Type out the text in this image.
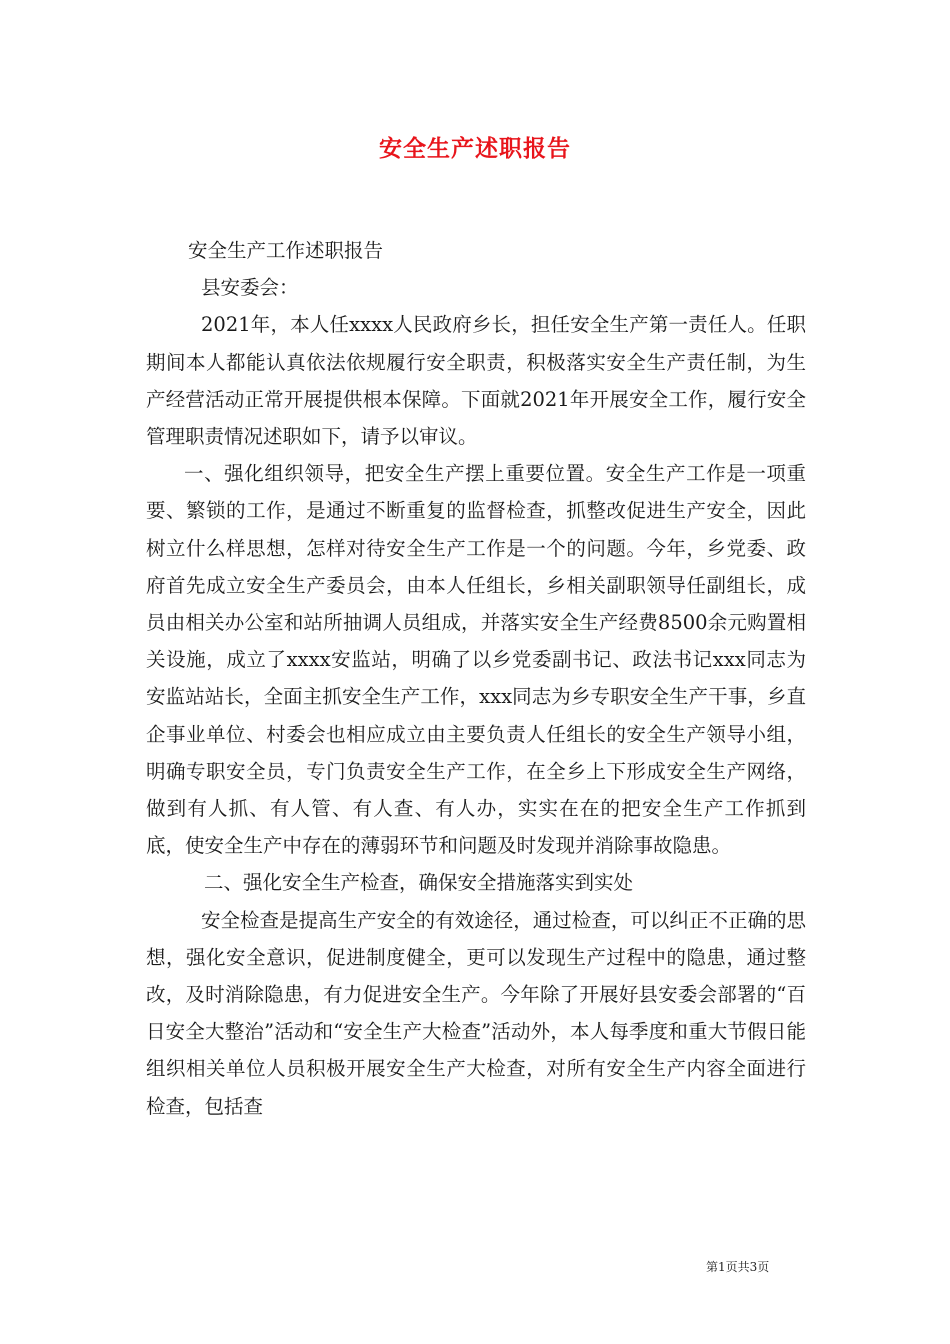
安全生产述职报告

安全生产工作述职报告

县安委会：

2021年，本人任xxxx人民政府乡长，担任安全生产第一责任人。任职期间本人都能认真依法依规履行安全职责，积极落实安全生产责任制，为生产经营活动正常开展提供根本保障。下面就2021年开展安全工作，履行安全管理职责情况述职如下，请予以审议。

一、强化组织领导，把安全生产摆上重要位置。安全生产工作是一项重要、繁锁的工作，是通过不断重复的监督检查，抓整改促进生产安全，因此树立什么样思想，怎样对待安全生产工作是一个的问题。今年，乡党委、政府首先成立安全生产委员会，由本人任组长，乡相关副职领导任副组长，成员由相关办公室和站所抽调人员组成，并落实安全生产经费8500余元购置相关设施，成立了xxxx安监站，明确了以乡党委副书记、政法书记xxx同志为安监站站长，全面主抓安全生产工作，xxx同志为乡专职安全生产干事，乡直企事业单位、村委会也相应成立由主要负责人任组长的安全生产领导小组，明确专职安全员，专门负责安全生产工作，在全乡上下形成安全生产网络，做到有人抓、有人管、有人查、有人办，实实在在的把安全生产工作抓到底，使安全生产中存在的薄弱环节和问题及时发现并消除事故隐患。

二、强化安全生产检查，确保安全措施落实到实处

安全检查是提高生产安全的有效途径，通过检查，可以纠正不正确的思想，强化安全意识，促进制度健全，更可以发现生产过程中的隐患，通过整改，及时消除隐患，有力促进安全生产。今年除了开展好县安委会部署的“百日安全大整治”活动和“安全生产大检查”活动外，本人每季度和重大节假日能组织相关单位人员积极开展安全生产大检查，对所有安全生产内容全面进行检查，包括查

第1页共3页
